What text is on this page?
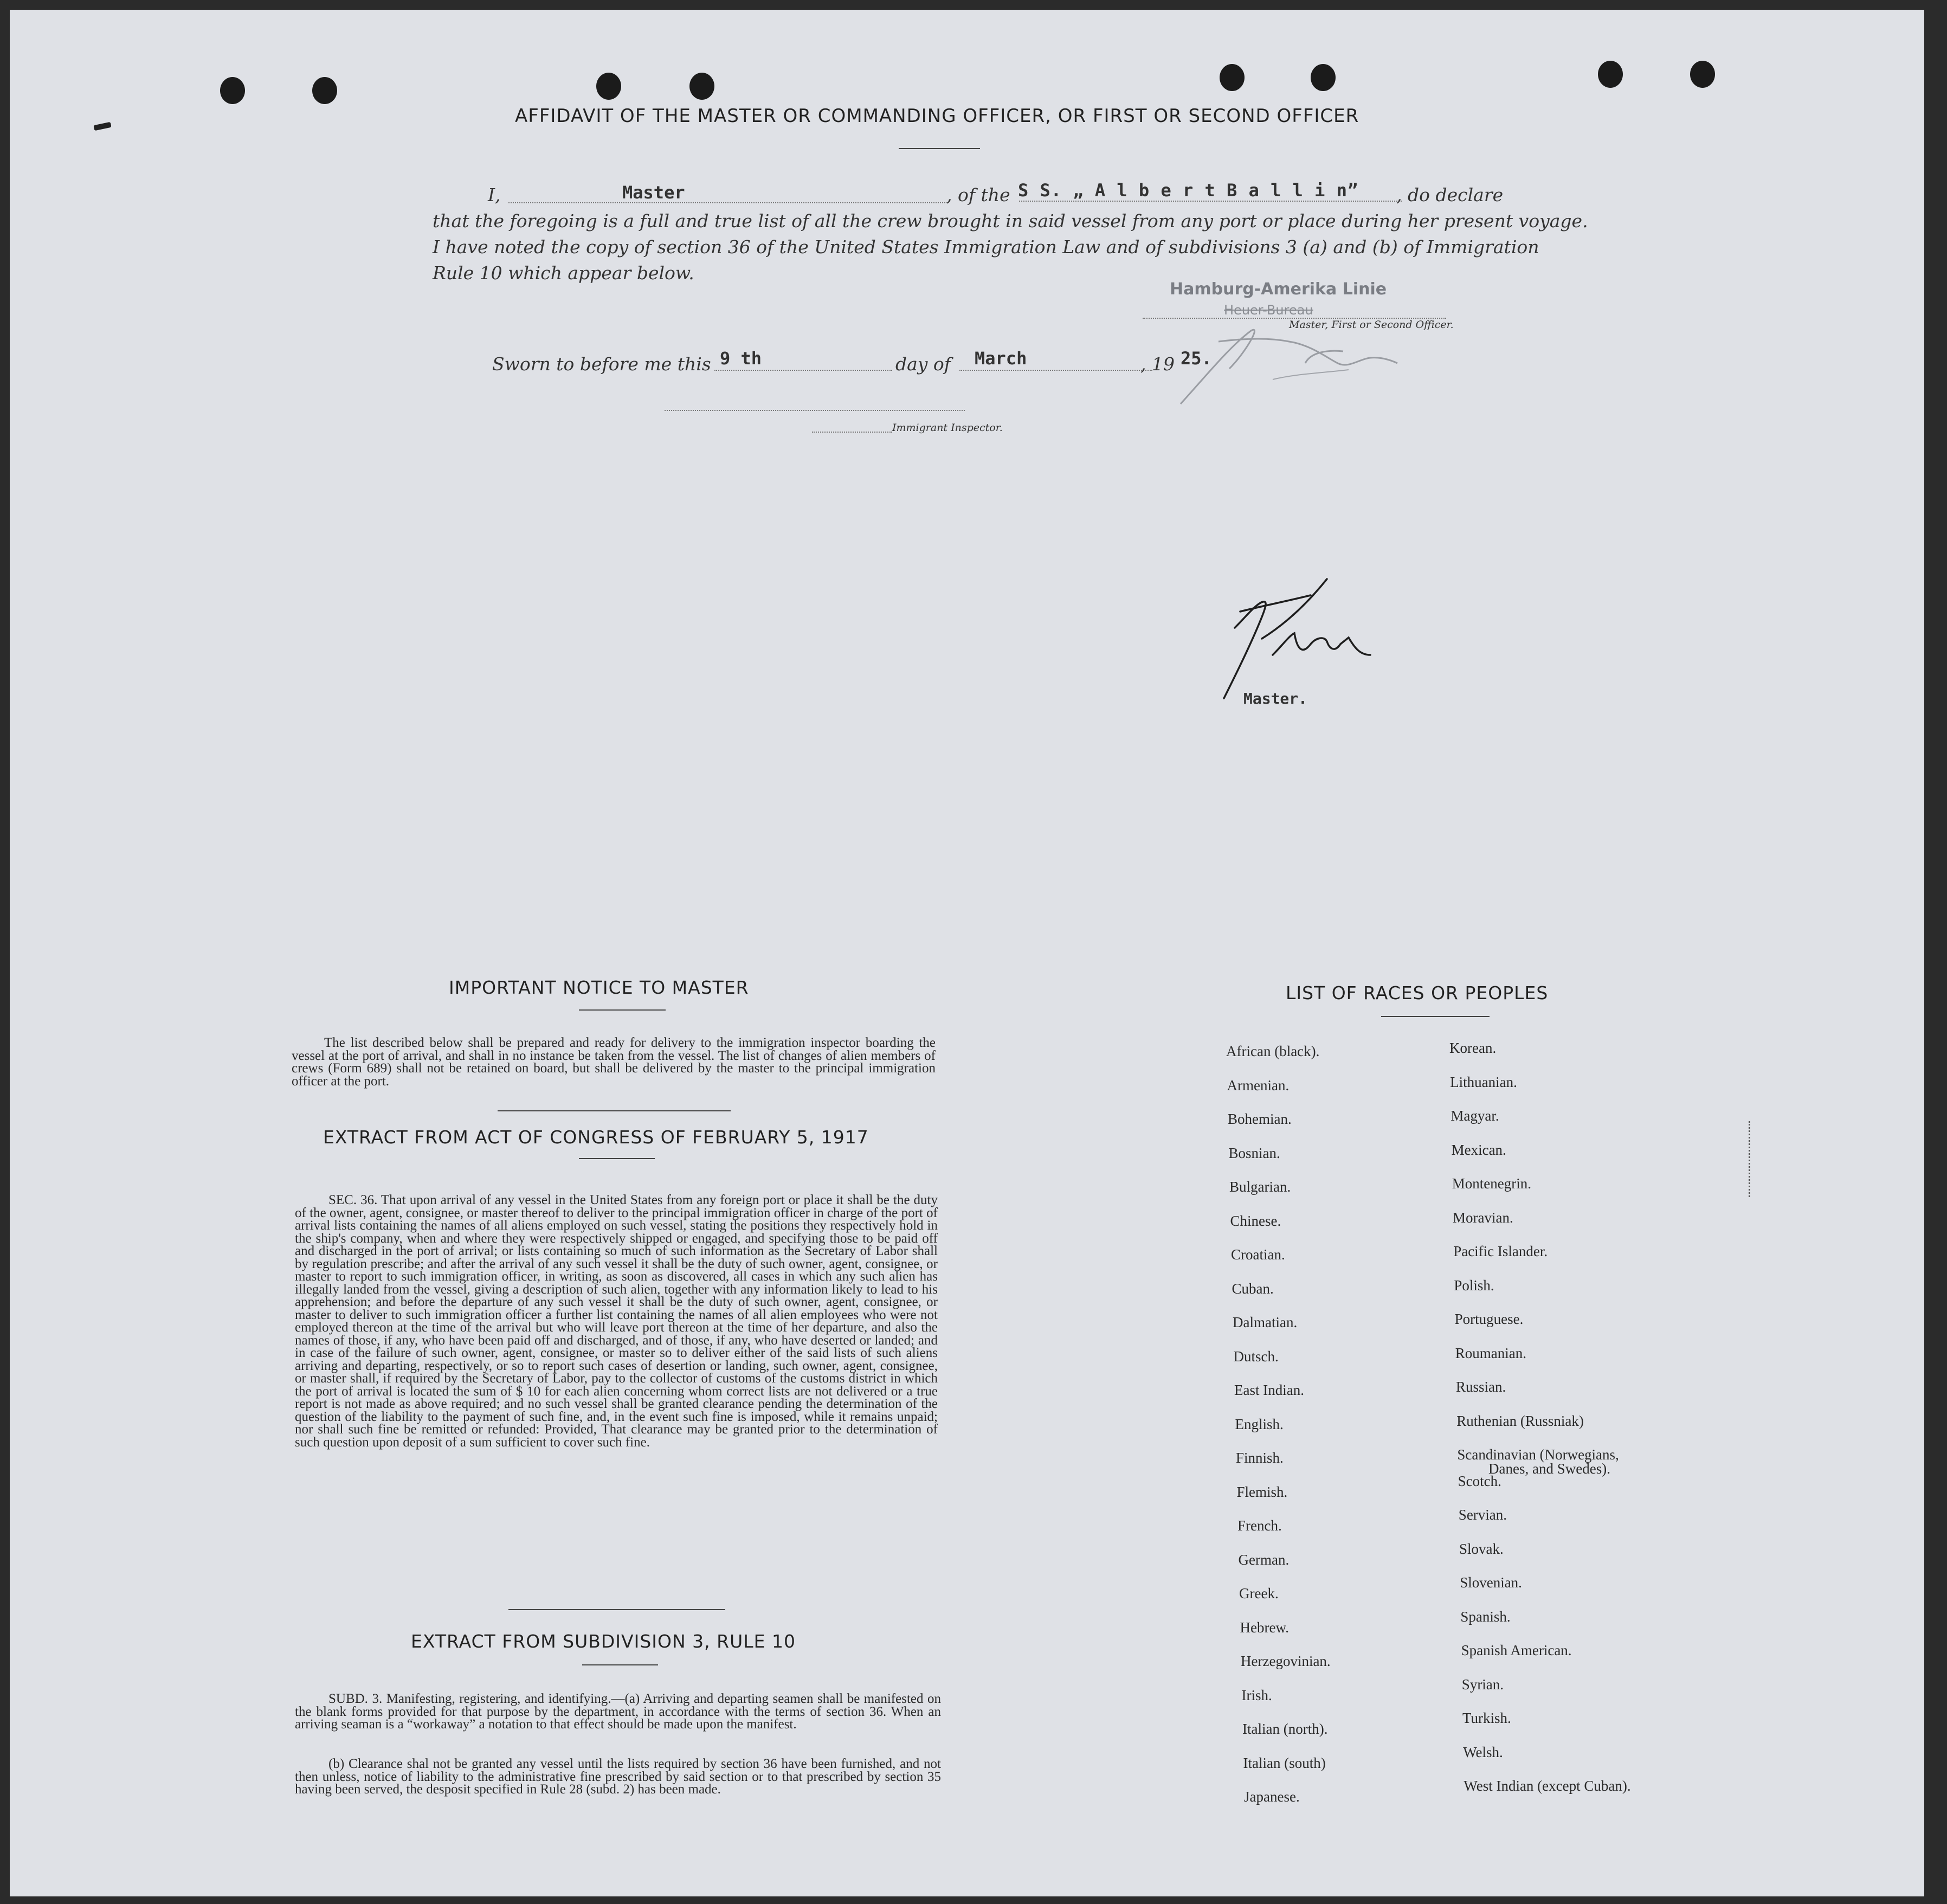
AFFIDAVIT OF THE MASTER OR COMMANDING OFFICER, OR FIRST OR SECOND OFFICER
I,	Master	, of the S S. „ A l b e r t B a l l i n” , do declare
that the foregoing is a full and true list of all the crew brought in said vessel from any port or place during her present voyage.
I have noted the copy of section 36 of the United States Immigration Law and of subdivisions 3 (a) and (b) of Immigration
Rule 10 which appear below.
Hamburg-Amerika Linie
Heuer-Bureau
Master, First or Second Officer.
Sworn to before me this 9 th	day of March	, 19 25.
Immigrant Inspector.
Master.
IMPORTANT NOTICE TO MASTER
The list described below shall be prepared and ready for delivery to the immigration inspector boarding the vessel at the port of arrival, and shall in no instance be taken from the vessel. The list of changes of alien members of crews (Form 689) shall not be retained on board, but shall be delivered by the master to the principal immigration officer at the port.
EXTRACT FROM ACT OF CONGRESS OF FEBRUARY 5, 1917
SEC. 36. That upon arrival of any vessel in the United States from any foreign port or place it shall be the duty of the owner, agent, consignee, or master thereof to deliver to the principal immigration officer in charge of the port of arrival lists containing the names of all aliens employed on such vessel, stating the positions they respectively hold in the ship's company, when and where they were respectively shipped or engaged, and specifying those to be paid off and discharged in the port of arrival; or lists containing so much of such information as the Secretary of Labor shall by regulation prescribe; and after the arrival of any such vessel it shall be the duty of such owner, agent, consignee, or master to report to such immigration officer, in writing, as soon as discovered, all cases in which any such alien has illegally landed from the vessel, giving a description of such alien, together with any information likely to lead to his apprehension; and before the departure of any such vessel it shall be the duty of such owner, agent, consignee, or master to deliver to such immigration officer a further list containing the names of all alien employees who were not employed thereon at the time of the arrival but who will leave port thereon at the time of her departure, and also the names of those, if any, who have been paid off and discharged, and of those, if any, who have deserted or landed; and in case of the failure of such owner, agent, consignee, or master so to deliver either of the said lists of such aliens arriving and departing, respectively, or so to report such cases of desertion or landing, such owner, agent, consignee, or master shall, if required by the Secretary of Labor, pay to the collector of customs of the customs district in which the port of arrival is located the sum of $ 10 for each alien concerning whom correct lists are not delivered or a true report is not made as above required; and no such vessel shall be granted clearance pending the determination of the question of the liability to the payment of such fine, and, in the event such fine is imposed, while it remains unpaid; nor shall such fine be remitted or refunded: Provided, That clearance may be granted prior to the determination of such question upon deposit of a sum sufficient to cover such fine.
EXTRACT FROM SUBDIVISION 3, RULE 10
SUBD. 3. Manifesting, registering, and identifying.—(a) Arriving and departing seamen shall be manifested on the blank forms provided for that purpose by the department, in accordance with the terms of section 36. When an arriving seaman is a “workaway” a notation to that effect should be made upon the manifest.
(b) Clearance shal not be granted any vessel until the lists required by section 36 have been furnished, and not then unless, notice of liability to the administrative fine prescribed by said section or to that prescribed by section 35 having been served, the desposit specified in Rule 28 (subd. 2) has been made.
LIST OF RACES OR PEOPLES
Danes, and Swedes).
African (black).
Armenian.
Bohemian.
Bosnian.
Bulgarian.
Chinese.
Croatian.
Cuban.
Dalmatian.
Dutsch.
East Indian.
English.
Finnish.
Flemish.
French.
German.
Greek.
Hebrew.
Herzegovinian.
Irish.
Italian (north).
Italian (south)
Japanese.
Korean.
Lithuanian.
Magyar.
Mexican.
Montenegrin.
Moravian.
Pacific Islander.
Polish.
Portuguese.
Roumanian.
Russian.
Ruthenian (Russniak)
Scandinavian (Norwegians,
Scotch.
Servian.
Slovak.
Slovenian.
Spanish.
Spanish American.
Syrian.
Turkish.
Welsh.
West Indian (except Cuban).
